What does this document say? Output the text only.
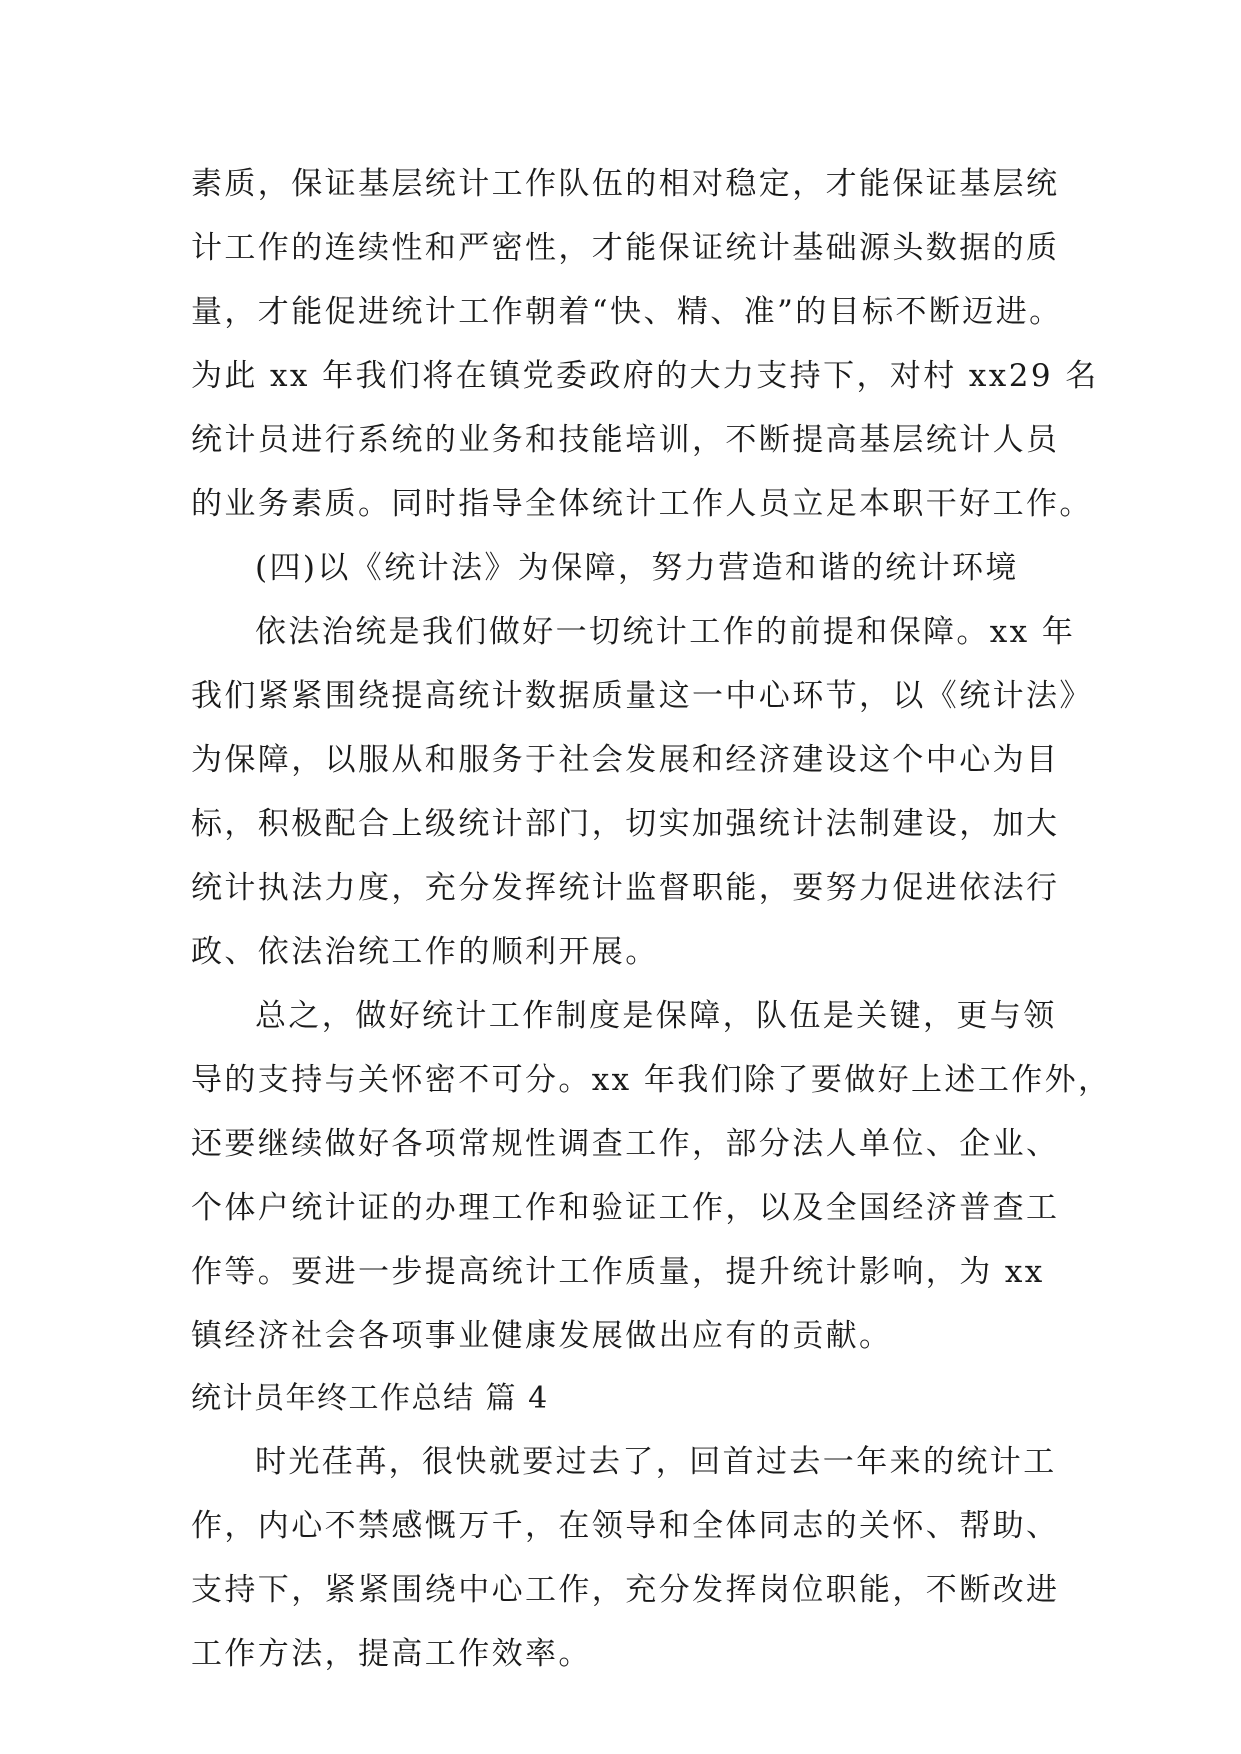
素质，保证基层统计工作队伍的相对稳定，才能保证基层统
计工作的连续性和严密性，才能保证统计基础源头数据的质
量，才能促进统计工作朝着“快、精、准”的目标不断迈进。
为此 xx 年我们将在镇党委政府的大力支持下，对村 xx29 名
统计员进行系统的业务和技能培训，不断提高基层统计人员
的业务素质。同时指导全体统计工作人员立足本职干好工作。
(四)以《统计法》为保障，努力营造和谐的统计环境
依法治统是我们做好一切统计工作的前提和保障。xx 年
我们紧紧围绕提高统计数据质量这一中心环节，以《统计法》
为保障，以服从和服务于社会发展和经济建设这个中心为目
标，积极配合上级统计部门，切实加强统计法制建设，加大
统计执法力度，充分发挥统计监督职能，要努力促进依法行
政、依法治统工作的顺利开展。
总之，做好统计工作制度是保障，队伍是关键，更与领
导的支持与关怀密不可分。xx 年我们除了要做好上述工作外，
还要继续做好各项常规性调查工作，部分法人单位、企业、
个体户统计证的办理工作和验证工作，以及全国经济普查工
作等。要进一步提高统计工作质量，提升统计影响，为 xx
镇经济社会各项事业健康发展做出应有的贡献。
统计员年终工作总结 篇 4
时光荏苒，很快就要过去了，回首过去一年来的统计工
作，内心不禁感慨万千，在领导和全体同志的关怀、帮助、
支持下，紧紧围绕中心工作，充分发挥岗位职能，不断改进
工作方法，提高工作效率。
